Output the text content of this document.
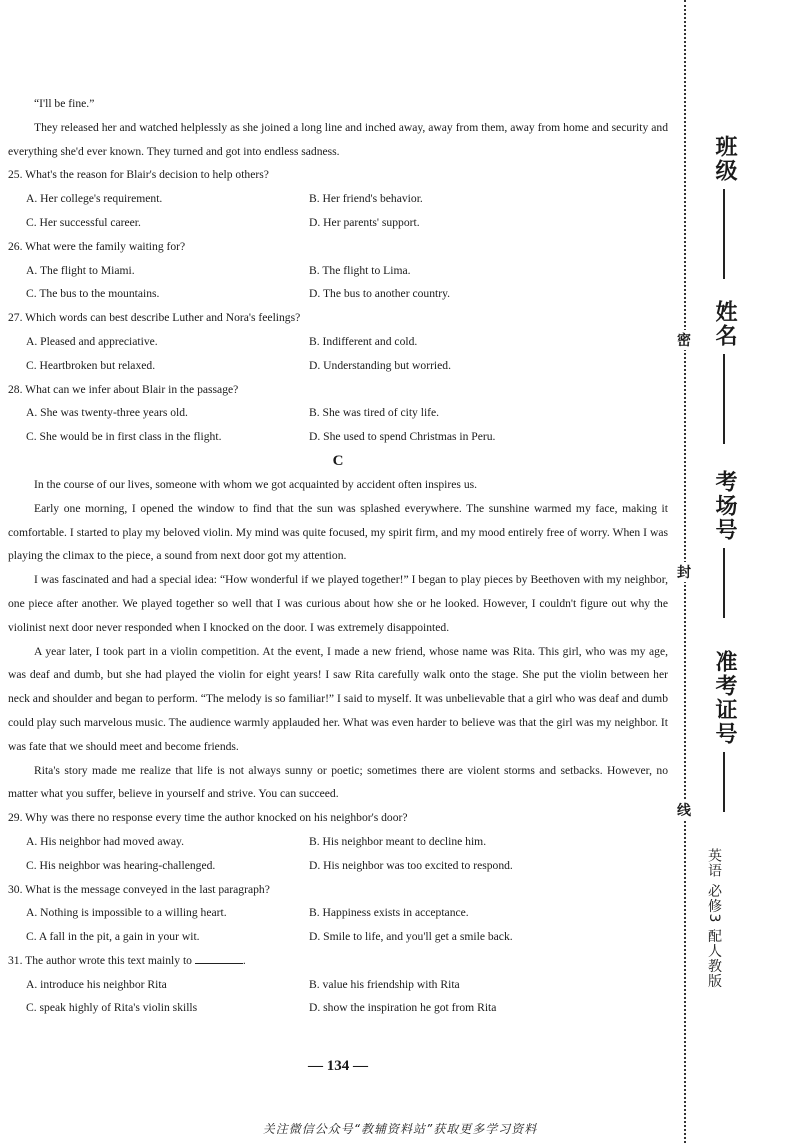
“I'll be fine.”

They released her and watched helplessly as she joined a long line and inched away, away from them, away from home and security and everything she'd ever known. They turned and got into endless sadness.

25. What's the reason for Blair's decision to help others?

A. Her college's requirement.	B. Her friend's behavior.
C. Her successful career.	D. Her parents' support.

26. What were the family waiting for?

A. The flight to Miami.	B. The flight to Lima.
C. The bus to the mountains.	D. The bus to another country.

27. Which words can best describe Luther and Nora's feelings?

A. Pleased and appreciative.	B. Indifferent and cold.
C. Heartbroken but relaxed.	D. Understanding but worried.

28. What can we infer about Blair in the passage?

A. She was twenty-three years old.	B. She was tired of city life.
C. She would be in first class in the flight.	D. She used to spend Christmas in Peru.

C

In the course of our lives, someone with whom we got acquainted by accident often inspires us.

Early one morning, I opened the window to find that the sun was splashed everywhere. The sunshine warmed my face, making it comfortable. I started to play my beloved violin. My mind was quite focused, my spirit firm, and my mood entirely free of worry. When I was playing the climax to the piece, a sound from next door got my attention.

I was fascinated and had a special idea: “How wonderful if we played together!” I began to play pieces by Beethoven with my neighbor, one piece after another. We played together so well that I was curious about how she or he looked. However, I couldn't figure out why the violinist next door never responded when I knocked on the door. I was extremely disappointed.

A year later, I took part in a violin competition. At the event, I made a new friend, whose name was Rita. This girl, who was my age, was deaf and dumb, but she had played the violin for eight years! I saw Rita carefully walk onto the stage. She put the violin between her neck and shoulder and began to perform. “The melody is so familiar!” I said to myself. It was unbelievable that a girl who was deaf and dumb could play such marvelous music. The audience warmly applauded her. What was even harder to believe was that the girl was my neighbor. It was fate that we should meet and become friends.

Rita's story made me realize that life is not always sunny or poetic; sometimes there are violent storms and setbacks. However, no matter what you suffer, believe in yourself and strive. You can succeed.

29. Why was there no response every time the author knocked on his neighbor's door?

A. His neighbor had moved away.	B. His neighbor meant to decline him.
C. His neighbor was hearing-challenged.	D. His neighbor was too excited to respond.

30. What is the message conveyed in the last paragraph?

A. Nothing is impossible to a willing heart.	B. Happiness exists in acceptance.
C. A fall in the pit, a gain in your wit.	D. Smile to life, and you'll get a smile back.

31. The author wrote this text mainly to	.

A. introduce his neighbor Rita	B. value his friendship with Rita
C. speak highly of Rita's violin skills	D. show the inspiration he got from Rita
— 134 —
关注微信公众号“教辅资料站”获取更多学习资料
密
封
线
班级
姓名
考场号
准考证号
英语 必修3 配人教版
